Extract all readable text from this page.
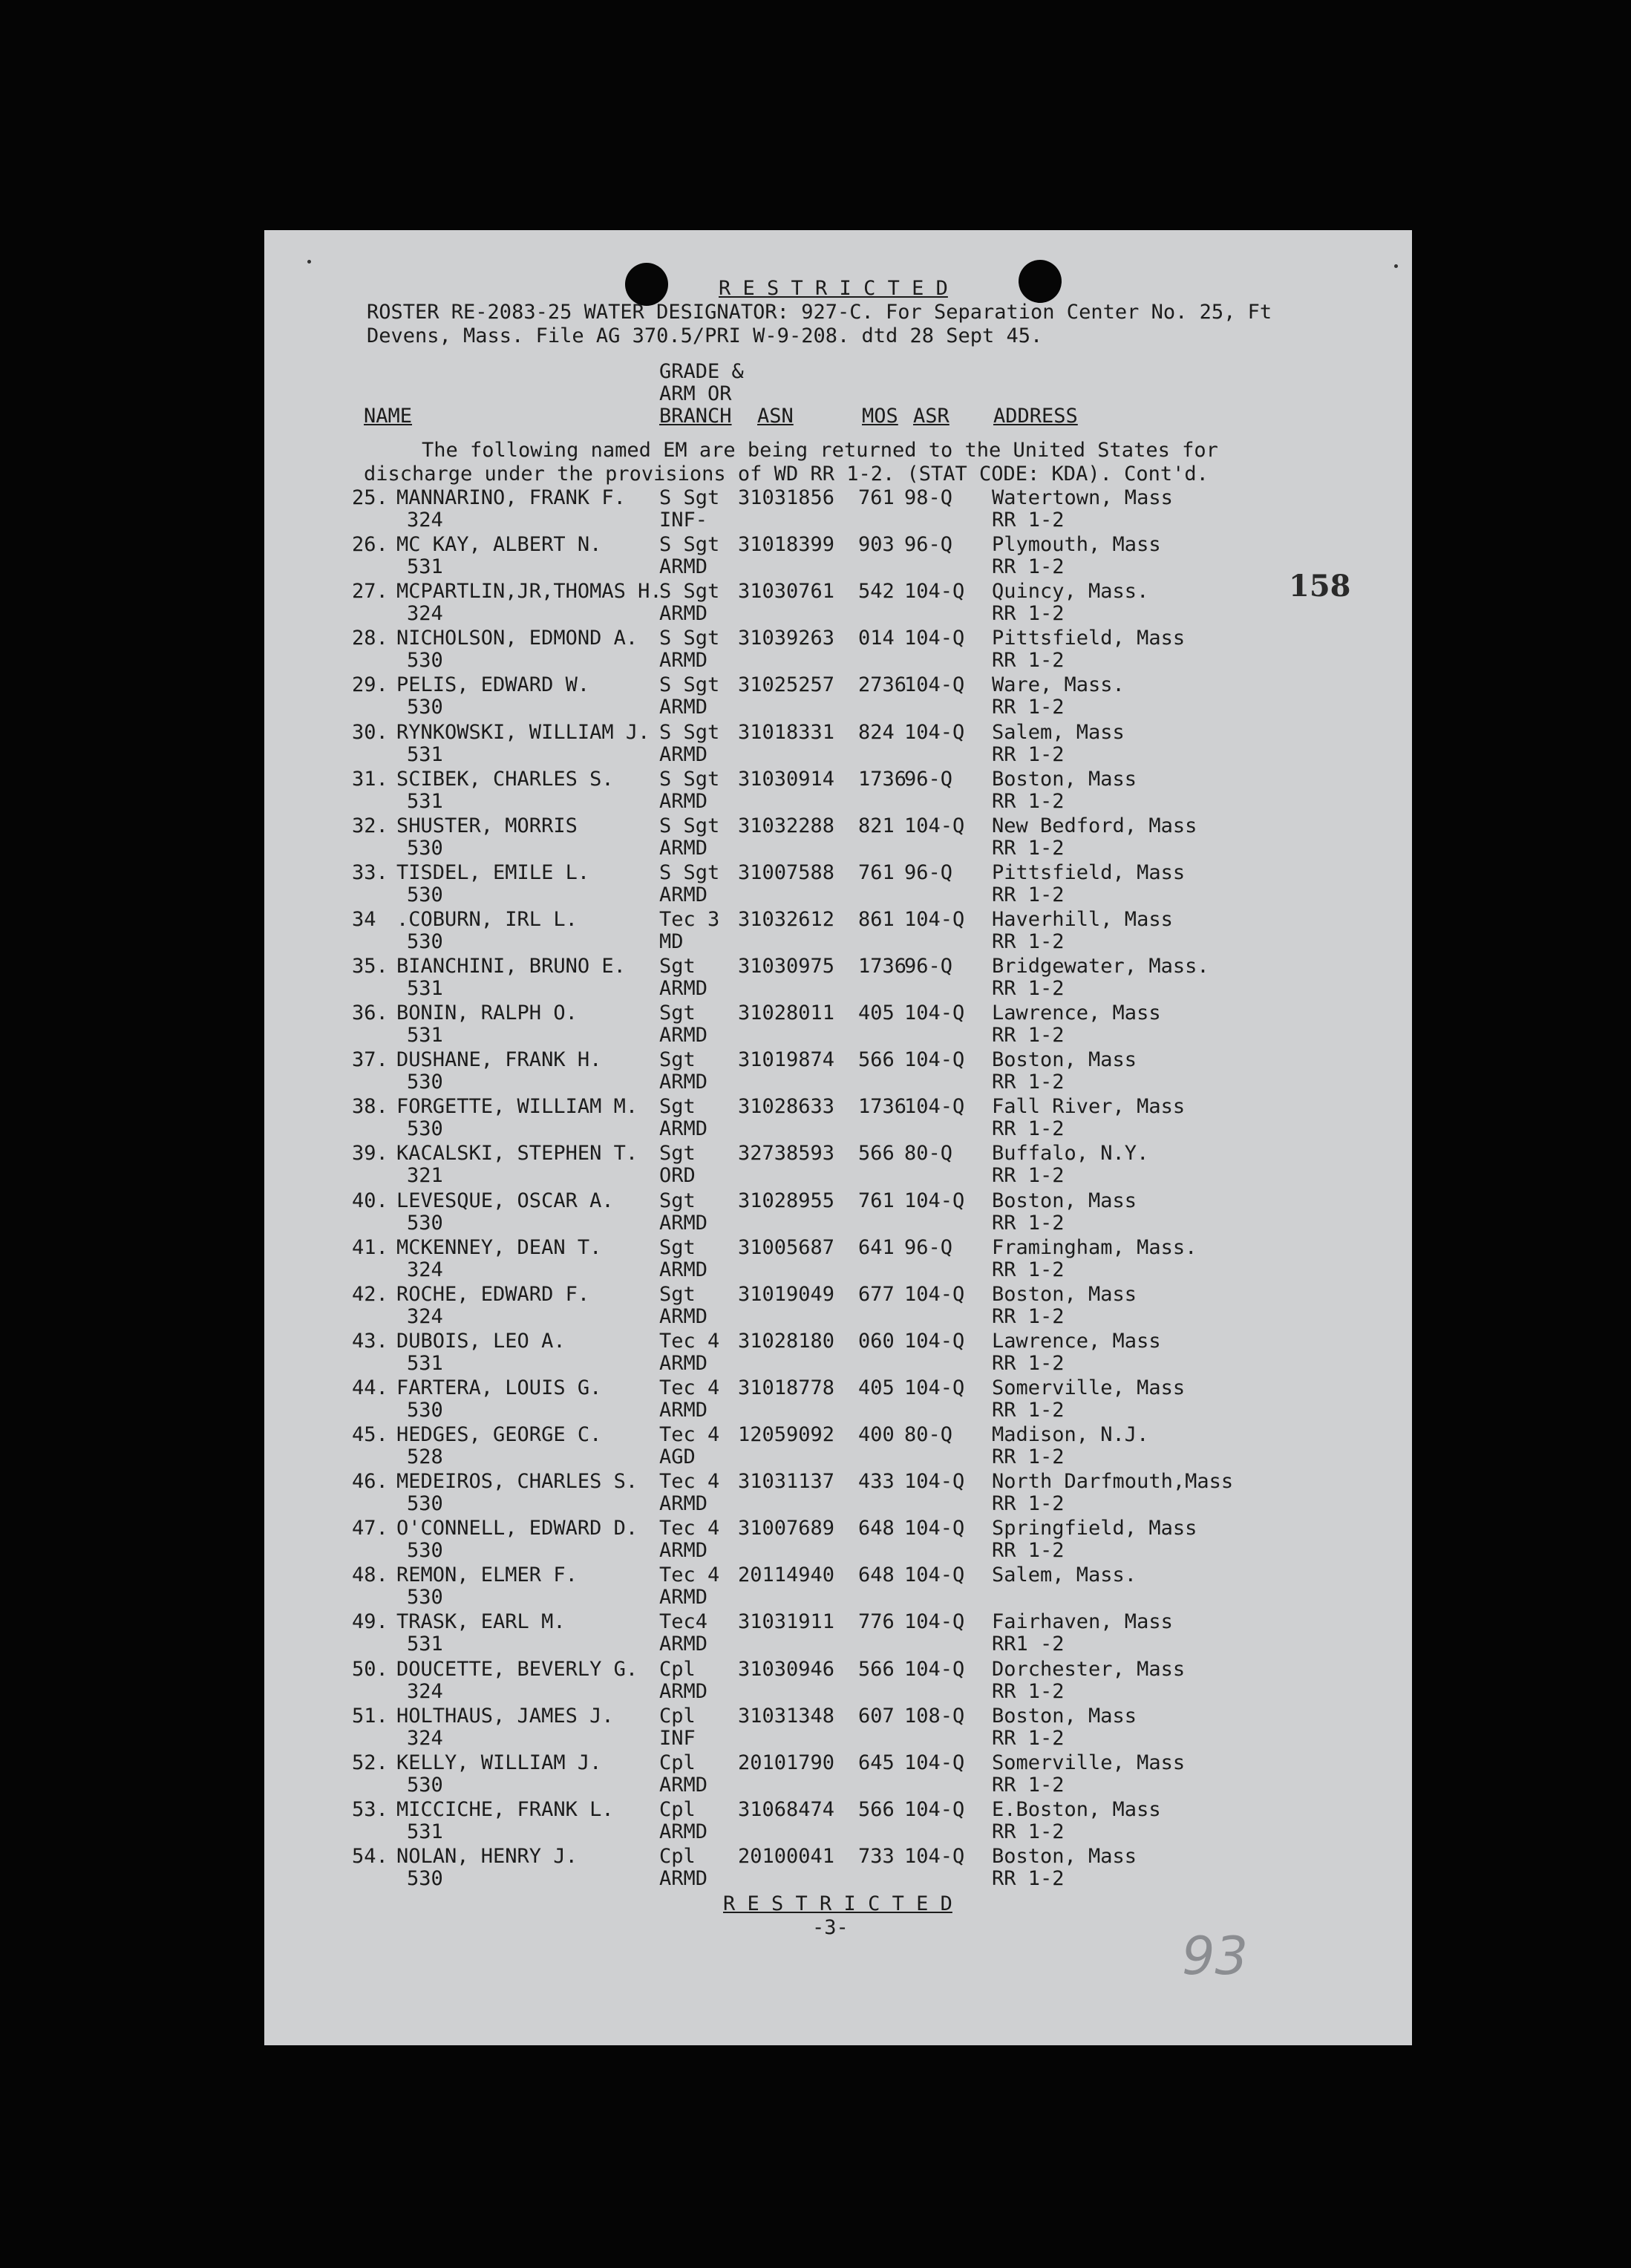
R E S T R I C T E D
ROSTER RE-2083-25 WATER DESIGNATOR: 927-C. For Separation Center No. 25, Ft
Devens, Mass. File AG 370.5/PRI W-9-208. dtd 28 Sept 45.
GRADE &
ARM OR
NAME	BRANCH ASN	MOS ASR ADDRESS
The following named EM are being returned to the United States for
discharge under the provisions of WD RR 1-2. (STAT CODE: KDA). Cont'd.
25. MANNARINO, FRANK F.
324
S Sgt
INF-
31031856 761 98-Q Watertown, Mass
RR 1-2
26. MC KAY, ALBERT N.
531
S Sgt
ARMD
31018399 903 96-Q Plymouth, Mass
RR 1-2
27. MCPARTLIN,JR,THOMAS H.
324
S Sgt
ARMD
31030761 542 104-Q Quincy, Mass.
RR 1-2
28. NICHOLSON, EDMOND A.
530
S Sgt
ARMD
31039263 014 104-Q Pittsfield, Mass
RR 1-2
29. PELIS, EDWARD W.
530
S Sgt
ARMD
31025257 2736
104-Q Ware, Mass.
RR 1-2
30. RYNKOWSKI, WILLIAM J.
531
S Sgt
ARMD
31018331 824 104-Q Salem, Mass
RR 1-2
31. SCIBEK, CHARLES S.
531
S Sgt
ARMD
31030914 1736
96-Q Boston, Mass
RR 1-2
32. SHUSTER, MORRIS
530
S Sgt
ARMD
31032288 821 104-Q New Bedford, Mass
RR 1-2
33. TISDEL, EMILE L.
530
S Sgt
ARMD
31007588 761 96-Q Pittsfield, Mass
RR 1-2
34 .COBURN, IRL L.
530
Tec 3
MD
31032612 861 104-Q Haverhill, Mass
RR 1-2
35. BIANCHINI, BRUNO E.
531
Sgt
ARMD
31030975 1736
96-Q Bridgewater, Mass.
RR 1-2
36. BONIN, RALPH O.
531
Sgt
ARMD
31028011 405 104-Q Lawrence, Mass
RR 1-2
37. DUSHANE, FRANK H.
530
Sgt
ARMD
31019874 566 104-Q Boston, Mass
RR 1-2
38. FORGETTE, WILLIAM M.
530
Sgt
ARMD
31028633 1736
104-Q Fall River, Mass
RR 1-2
39. KACALSKI, STEPHEN T.
321
Sgt
ORD
32738593 566 80-Q Buffalo, N.Y.
RR 1-2
40. LEVESQUE, OSCAR A.
530
Sgt
ARMD
31028955 761 104-Q Boston, Mass
RR 1-2
41. MCKENNEY, DEAN T.
324
Sgt
ARMD
31005687 641 96-Q Framingham, Mass.
RR 1-2
42. ROCHE, EDWARD F.
324
Sgt
ARMD
31019049 677 104-Q Boston, Mass
RR 1-2
43. DUBOIS, LEO A.
531
Tec 4
ARMD
31028180 060 104-Q Lawrence, Mass
RR 1-2
44. FARTERA, LOUIS G.
530
Tec 4
ARMD
31018778 405 104-Q Somerville, Mass
RR 1-2
45. HEDGES, GEORGE C.
528
Tec 4
AGD
12059092 400 80-Q Madison, N.J.
RR 1-2
46. MEDEIROS, CHARLES S.
530
Tec 4
ARMD
31031137 433 104-Q North Darfmouth,Mass
RR 1-2
47. O'CONNELL, EDWARD D.
530
Tec 4
ARMD
31007689 648 104-Q Springfield, Mass
RR 1-2
48. REMON, ELMER F.
530
Tec 4
ARMD
20114940 648 104-Q Salem, Mass.
49. TRASK, EARL M.
531
Tec4
ARMD
31031911 776 104-Q Fairhaven, Mass
RR1 -2
50. DOUCETTE, BEVERLY G.
324
Cpl
ARMD
31030946 566 104-Q Dorchester, Mass
RR 1-2
51. HOLTHAUS, JAMES J.
324
Cpl
INF
31031348 607 108-Q Boston, Mass
RR 1-2
52. KELLY, WILLIAM J.
530
Cpl
ARMD
20101790 645 104-Q Somerville, Mass
RR 1-2
53. MICCICHE, FRANK L.
531
Cpl
ARMD
31068474 566 104-Q E.Boston, Mass
RR 1-2
54. NOLAN, HENRY J.
530
Cpl
ARMD
20100041 733 104-Q Boston, Mass
RR 1-2
R E S T R I C T E D
-3-
158
93
